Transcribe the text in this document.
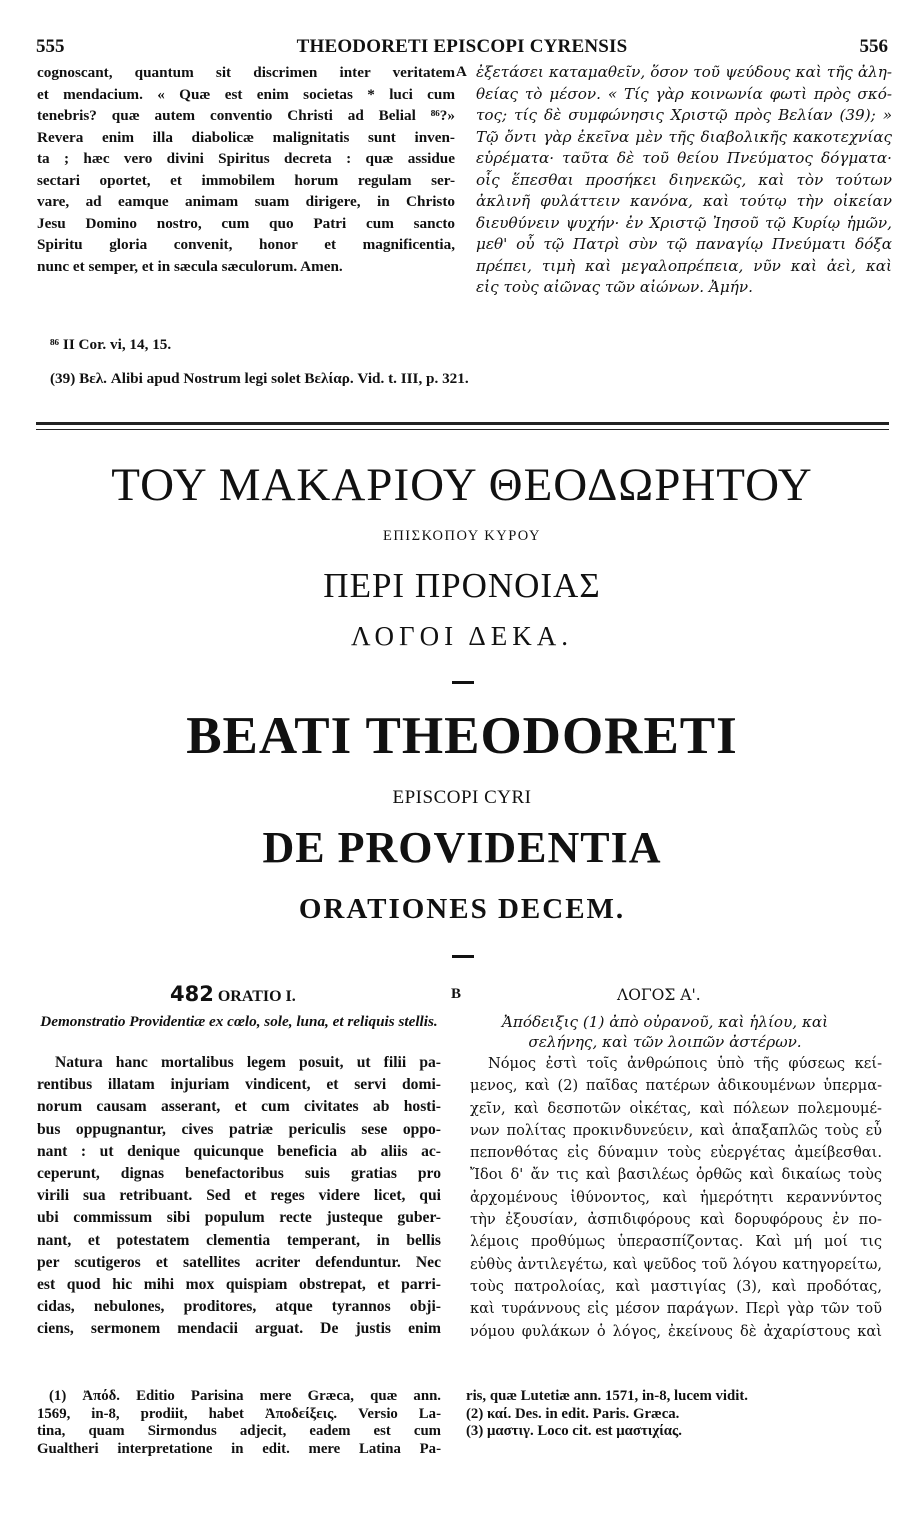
555	THEODORETI EPISCOPI CYRENSIS	556
cognoscant, quantum sit discrimen inter veritatem
et mendacium. « Quæ est enim societas * luci cum
tenebris? quæ autem conventio Christi ad Belial ⁸⁶?»
Revera enim illa diabolicæ malignitatis sunt inven-
ta ; hæc vero divini Spiritus decreta : quæ assidue
sectari oportet, et immobilem horum regulam ser-
vare, ad eamque animam suam dirigere, in Christo
Jesu Domino nostro, cum quo Patri cum sancto
Spiritu gloria convenit, honor et magnificentia,
nunc et semper, et in sæcula sæculorum. Amen.
A ἐξετάσει καταμαθεῖν, ὅσον τοῦ ψεύδους καὶ τῆς ἀλη-
θείας τὸ μέσον. « Τίς γὰρ κοινωνία φωτὶ πρὸς σκό-
τος; τίς δὲ συμφώνησις Χριστῷ πρὸς Βελίαν (39); »
Τῷ ὄντι γὰρ ἐκεῖνα μὲν τῆς διαβολικῆς κακοτεχνίας
εὑρέματα· ταῦτα δὲ τοῦ θείου Πνεύματος δόγματα·
οἷς ἕπεσθαι προσήκει διηνεκῶς, καὶ τὸν τούτων
ἀκλινῆ φυλάττειν κανόνα, καὶ τούτῳ τὴν οἰκείαν
διευθύνειν ψυχήν· ἐν Χριστῷ Ἰησοῦ τῷ Κυρίῳ ἡμῶν,
μεθ' οὗ τῷ Πατρὶ σὺν τῷ παναγίῳ Πνεύματι δόξα
πρέπει, τιμὴ καὶ μεγαλοπρέπεια, νῦν καὶ ἀεὶ, καὶ
εἰς τοὺς αἰῶνας τῶν αἰώνων. Ἀμήν.
⁸⁶ II Cor. vi, 14, 15.
(39) Βελ. Alibi apud Nostrum legi solet Βελίαρ. Vid. t. III, p. 321.
ΤΟΥ ΜΑΚΑΡΙΟΥ ΘΕΟΔΩΡΗΤΟΥ
ΕΠΙΣΚΟΠΟΥ ΚΥΡΟΥ
ΠΕΡΙ ΠΡΟΝΟΙΑΣ
ΛΟΓΟΙ ΔΕΚΑ.
BEATI THEODORETI
EPISCOPI CYRI
DE PROVIDENTIA
ORATIONES DECEM.
482 ORATIO I.	B	ΛΟΓΟΣ Α'.
Demonstratio Providentiæ ex cœlo, sole, luna, et reliquis stellis.	Ἀπόδειξις (1) ἀπὸ οὐρανοῦ, καὶ ἡλίου, καὶ σελήνης, καὶ τῶν λοιπῶν ἀστέρων.
Natura hanc mortalibus legem posuit, ut filii pa-
rentibus illatam injuriam vindicent, et servi domi-
norum causam asserant, et cum civitates ab hosti-
bus oppugnantur, cives patriæ periculis sese oppo-
nant : ut denique quicunque beneficia ab aliis ac-
ceperunt, dignas benefactoribus suis gratias pro
virili sua retribuant. Sed et reges videre licet, qui
ubi commissum sibi populum recte justeque guber-
nant, et potestatem clementia temperant, in bellis
per scutigeros et satellites acriter defenduntur. Nec
est quod hic mihi mox quispiam obstrepat, et parri-
cidas, nebulones, proditores, atque tyrannos obji-
ciens, sermonem mendacii arguat. De justis enim
Νόμος ἐστὶ τοῖς ἀνθρώποις ὑπὸ τῆς φύσεως κεί-
μενος, καὶ (2) παῖδας πατέρων ἀδικουμένων ὑπερμα-
χεῖν, καὶ δεσποτῶν οἰκέτας, καὶ πόλεων πολεμουμέ-
νων πολίτας προκινδυνεύειν, καὶ ἁπαξαπλῶς τοὺς εὖ
πεπονθότας εἰς δύναμιν τοὺς εὐεργέτας ἀμείβεσθαι.
Ἴδοι δ' ἄν τις καὶ βασιλέως ὀρθῶς καὶ δικαίως τοὺς
ἀρχομένους ἰθύνοντος, καὶ ἡμερότητι κεραννύντος
τὴν ἐξουσίαν, ἀσπιδιφόρους καὶ δορυφόρους ἐν πο-
λέμοις προθύμως ὑπερασπίζοντας. Καὶ μή μοί τις
εὐθὺς ἀντιλεγέτω, καὶ ψεῦδος τοῦ λόγου κατηγορείτω,
τοὺς πατρολοίας, καὶ μαστιγίας (3), καὶ προδότας,
καὶ τυράννους εἰς μέσον παράγων. Περὶ γὰρ τῶν τοῦ
νόμου φυλάκων ὁ λόγος, ἐκείνους δὲ ἀχαρίστους καὶ
(1) Ἀπόδ. Editio Parisina mere Græca, quæ ann.
1569, in-8, prodiit, habet Ἀποδείξεις. Versio La-
tina, quam Sirmondus adjecit, eadem est cum
Gualtheri interpretatione in edit. mere Latina Pa-
ris, quæ Lutetiæ ann. 1571, in-8, lucem vidit.
(2) καί. Des. in edit. Paris. Græca.
(3) μαστιγ. Loco cit. est μαστιχίας.
